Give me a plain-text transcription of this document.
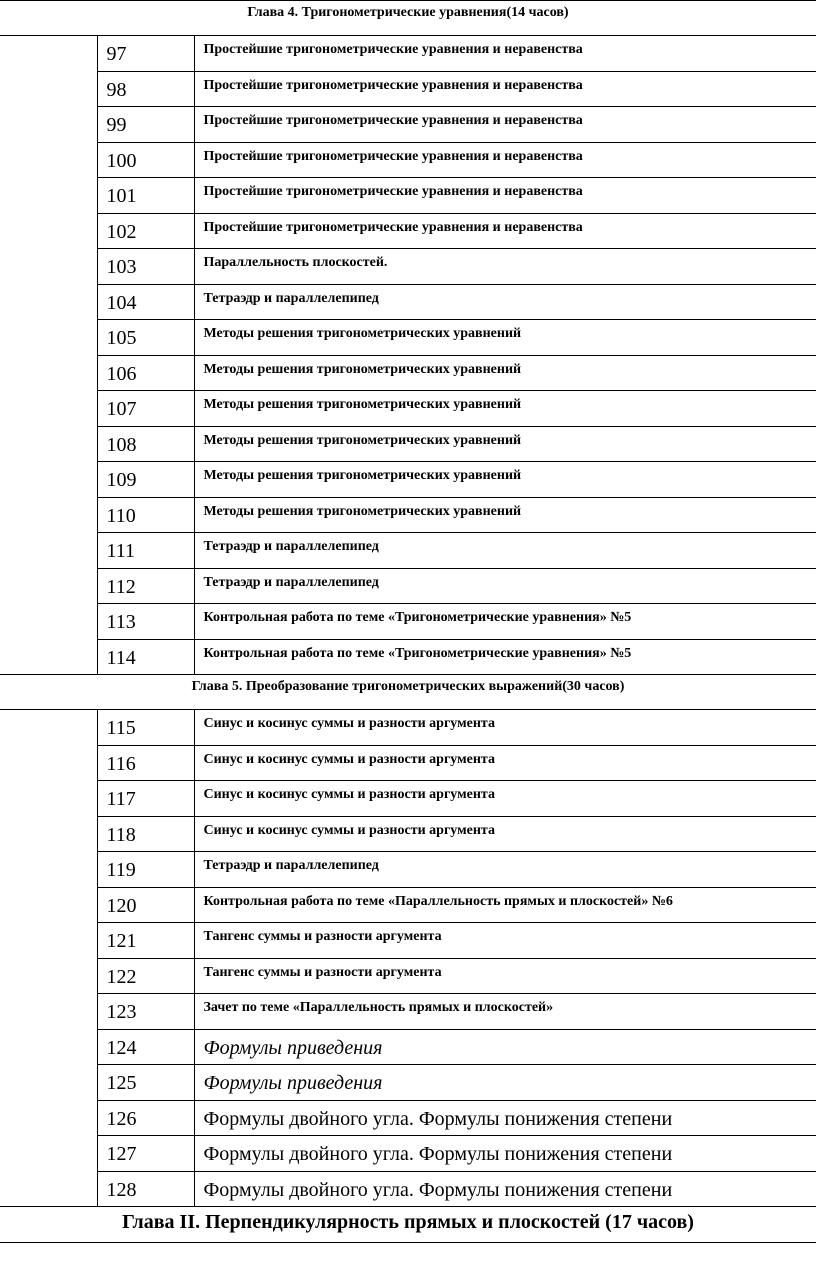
Глава 4. Тригонометрические уравнения(14 часов)		
	97	Простейшие тригонометрические уравнения и неравенства

	98	Простейшие тригонометрические уравнения и неравенства

	99	Простейшие тригонометрические уравнения и неравенства

	100	Простейшие тригонометрические уравнения и неравенства

	101	Простейшие тригонометрические уравнения и неравенства

	102	Простейшие тригонометрические уравнения и неравенства

	103	Параллельность плоскостей.

	104	Тетраэдр и параллелепипед

	105	Методы решения тригонометрических уравнений

	106	Методы решения тригонометрических уравнений

	107	Методы решения тригонометрических уравнений

	108	Методы решения тригонометрических уравнений

	109	Методы решения тригонометрических уравнений

	110	Методы решения тригонометрических уравнений

	111	Тетраэдр и параллелепипед

	112	Тетраэдр и параллелепипед

	113	Контрольная работа по теме «Тригонометрические уравнения» №5

	114	Контрольная работа по теме «Тригонометрические уравнения» №5

Глава 5. Преобразование тригонометрических выражений(30 часов)		
	115	Синус и косинус суммы и разности аргумента

	116	Синус и косинус суммы и разности аргумента

	117	Синус и косинус суммы и разности аргумента

	118	Синус и косинус суммы и разности аргумента

	119	Тетраэдр и параллелепипед

	120	Контрольная работа по теме «Параллельность прямых и плоскостей» №6

	121	Тангенс суммы и разности аргумента

	122	Тангенс суммы и разности аргумента

	123	Зачет по теме «Параллельность прямых и плоскостей»

	124	Формулы приведения

	125	Формулы приведения

	126	Формулы двойного угла. Формулы понижения степени

	127	Формулы двойного угла. Формулы понижения степени

	128	Формулы двойного угла. Формулы понижения степени

Глава II. Перпендикулярность прямых и плоскостей (17 часов)		
